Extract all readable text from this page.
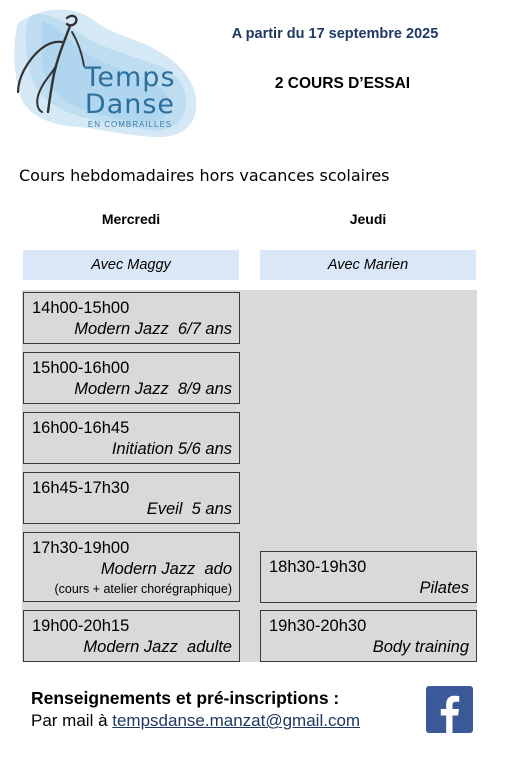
Temps
Danse
EN COMBRAILLES
A partir du 17 septembre 2025
2 COURS D’ESSAI
Cours hebdomadaires hors vacances scolaires
Mercredi	Jeudi
Avec Maggy	Avec Marien
14h00-15h00
Modern Jazz  6/7 ans
15h00-16h00
Modern Jazz  8/9 ans
16h00-16h45
Initiation 5/6 ans
16h45-17h30
Eveil  5 ans
17h30-19h00
Modern Jazz  ado
(cours + atelier chorégraphique)
19h00-20h15
Modern Jazz  adulte
18h30-19h30
Pilates
19h30-20h30
Body training
Renseignements et pré-inscriptions :
Par mail à tempsdanse.manzat@gmail.com
